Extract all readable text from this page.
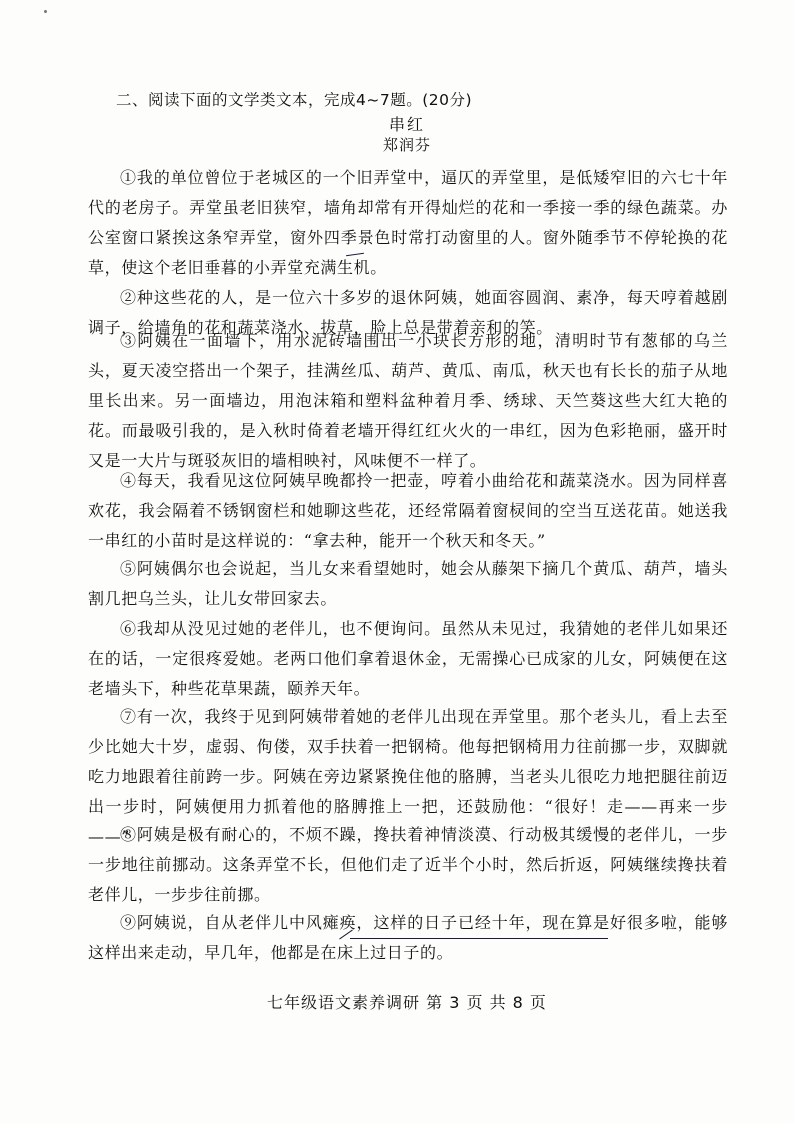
二、阅读下面的文学类文本，完成4~7题。(20分)
串红
郑润芬
①我的单位曾位于老城区的一个旧弄堂中，逼仄的弄堂里，是低矮窄旧的六七十年代的老房子。弄堂虽老旧狭窄，墙角却常有开得灿烂的花和一季接一季的绿色蔬菜。办公室窗口紧挨这条窄弄堂，窗外四季景色时常打动窗里的人。窗外随季节不停轮换的花草，使这个老旧垂暮的小弄堂充满生机。
②种这些花的人，是一位六十多岁的退休阿姨，她面容圆润、素净，每天哼着越剧调子，给墙角的花和蔬菜浇水、拔草，脸上总是带着亲和的笑。
③阿姨在一面墙下，用水泥砖墙围出一小块长方形的地，清明时节有葱郁的乌兰头，夏天凌空搭出一个架子，挂满丝瓜、葫芦、黄瓜、南瓜，秋天也有长长的茄子从地里长出来。另一面墙边，用泡沫箱和塑料盆种着月季、绣球、天竺葵这些大红大艳的花。而最吸引我的，是入秋时倚着老墙开得红红火火的一串红，因为色彩艳丽，盛开时又是一大片与斑驳灰旧的墙相映衬，风味便不一样了。
④每天，我看见这位阿姨早晚都拎一把壶，哼着小曲给花和蔬菜浇水。因为同样喜欢花，我会隔着不锈钢窗栏和她聊这些花，还经常隔着窗棂间的空当互送花苗。她送我一串红的小苗时是这样说的：“拿去种，能开一个秋天和冬天。”
⑤阿姨偶尔也会说起，当儿女来看望她时，她会从藤架下摘几个黄瓜、葫芦，墙头割几把乌兰头，让儿女带回家去。
⑥我却从没见过她的老伴儿，也不便询问。虽然从未见过，我猜她的老伴儿如果还在的话，一定很疼爱她。老两口他们拿着退休金，无需操心已成家的儿女，阿姨便在这老墙头下，种些花草果蔬，颐养天年。
⑦有一次，我终于见到阿姨带着她的老伴儿出现在弄堂里。那个老头儿，看上去至少比她大十岁，虚弱、佝偻，双手扶着一把钢椅。他每把钢椅用力往前挪一步，双脚就吃力地跟着往前跨一步。阿姨在旁边紧紧挽住他的胳膊，当老头儿很吃力地把腿往前迈出一步时，阿姨便用力抓着他的胳膊推上一把，还鼓励他：“很好！走——再来一步——”
⑧阿姨是极有耐心的，不烦不躁，搀扶着神情淡漠、行动极其缓慢的老伴儿，一步一步地往前挪动。这条弄堂不长，但他们走了近半个小时，然后折返，阿姨继续搀扶着老伴儿，一步步往前挪。
⑨阿姨说，自从老伴儿中风瘫痪，这样的日子已经十年，现在算是好很多啦，能够这样出来走动，早几年，他都是在床上过日子的。
七年级语文素养调研 第 3 页 共 8 页
